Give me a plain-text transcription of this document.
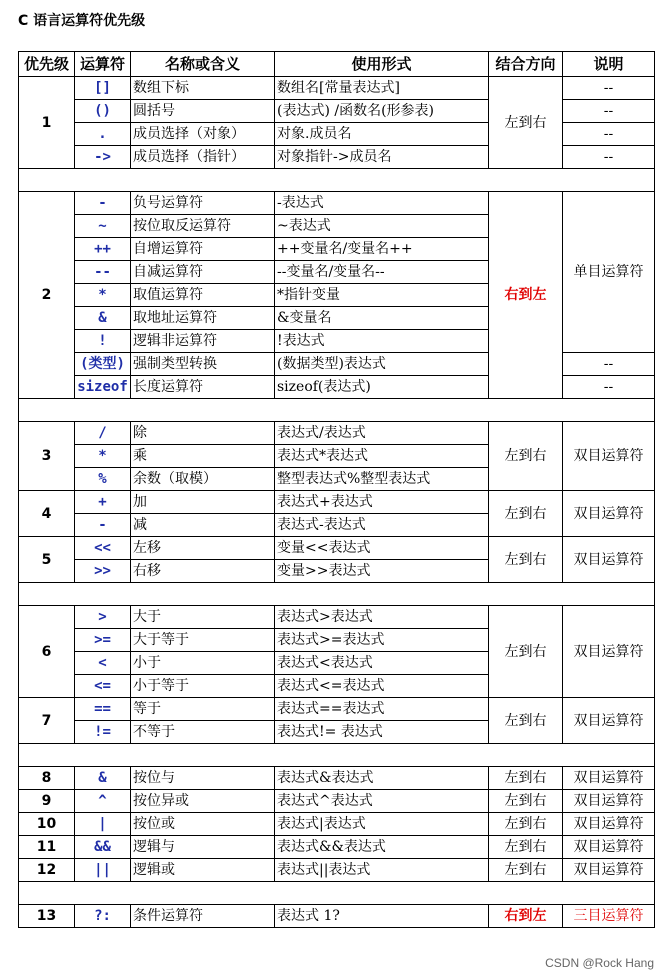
C 语言运算符优先级
优先级	运算符	名称或含义	使用形式	结合方向	说明
1	[]	数组下标	数组名[常量表达式]	左到右	--
	()	圆括号	(表达式) /函数名(形参表)		--
	.	成员选择（对象）	对象.成员名		--
	->	成员选择（指针）	对象指针->成员名		--

2	-	负号运算符	-表达式	右到左	单目运算符
	~	按位取反运算符	~表达式		
	++	自增运算符	++变量名/变量名++		
	--	自减运算符	--变量名/变量名--		
	*	取值运算符	*指针变量		
	&	取地址运算符	&变量名		
	!	逻辑非运算符	!表达式		
	(类型)	强制类型转换	(数据类型)表达式		--
	sizeof	长度运算符	sizeof(表达式)		--

3	/	除	表达式/表达式	左到右	双目运算符
	*	乘	表达式*表达式		
	%	余数（取模）	整型表达式%整型表达式		
4	+	加	表达式+表达式	左到右	双目运算符
	-	减	表达式-表达式		
5	<<	左移	变量<<表达式	左到右	双目运算符
	>>	右移	变量>>表达式		

6	>	大于	表达式>表达式	左到右	双目运算符
	>=	大于等于	表达式>=表达式		
	<	小于	表达式<表达式		
	<=	小于等于	表达式<=表达式		
7	==	等于	表达式==表达式	左到右	双目运算符
	!=	不等于	表达式!= 表达式		

8	&	按位与	表达式&表达式	左到右	双目运算符
9	^	按位异或	表达式^表达式	左到右	双目运算符
10	|	按位或	表达式|表达式	左到右	双目运算符
11	&&	逻辑与	表达式&&表达式	左到右	双目运算符
12	||	逻辑或	表达式||表达式	左到右	双目运算符

13	?:	条件运算符	表达式 1?	右到左	三目运算符
CSDN @Rock Hang
